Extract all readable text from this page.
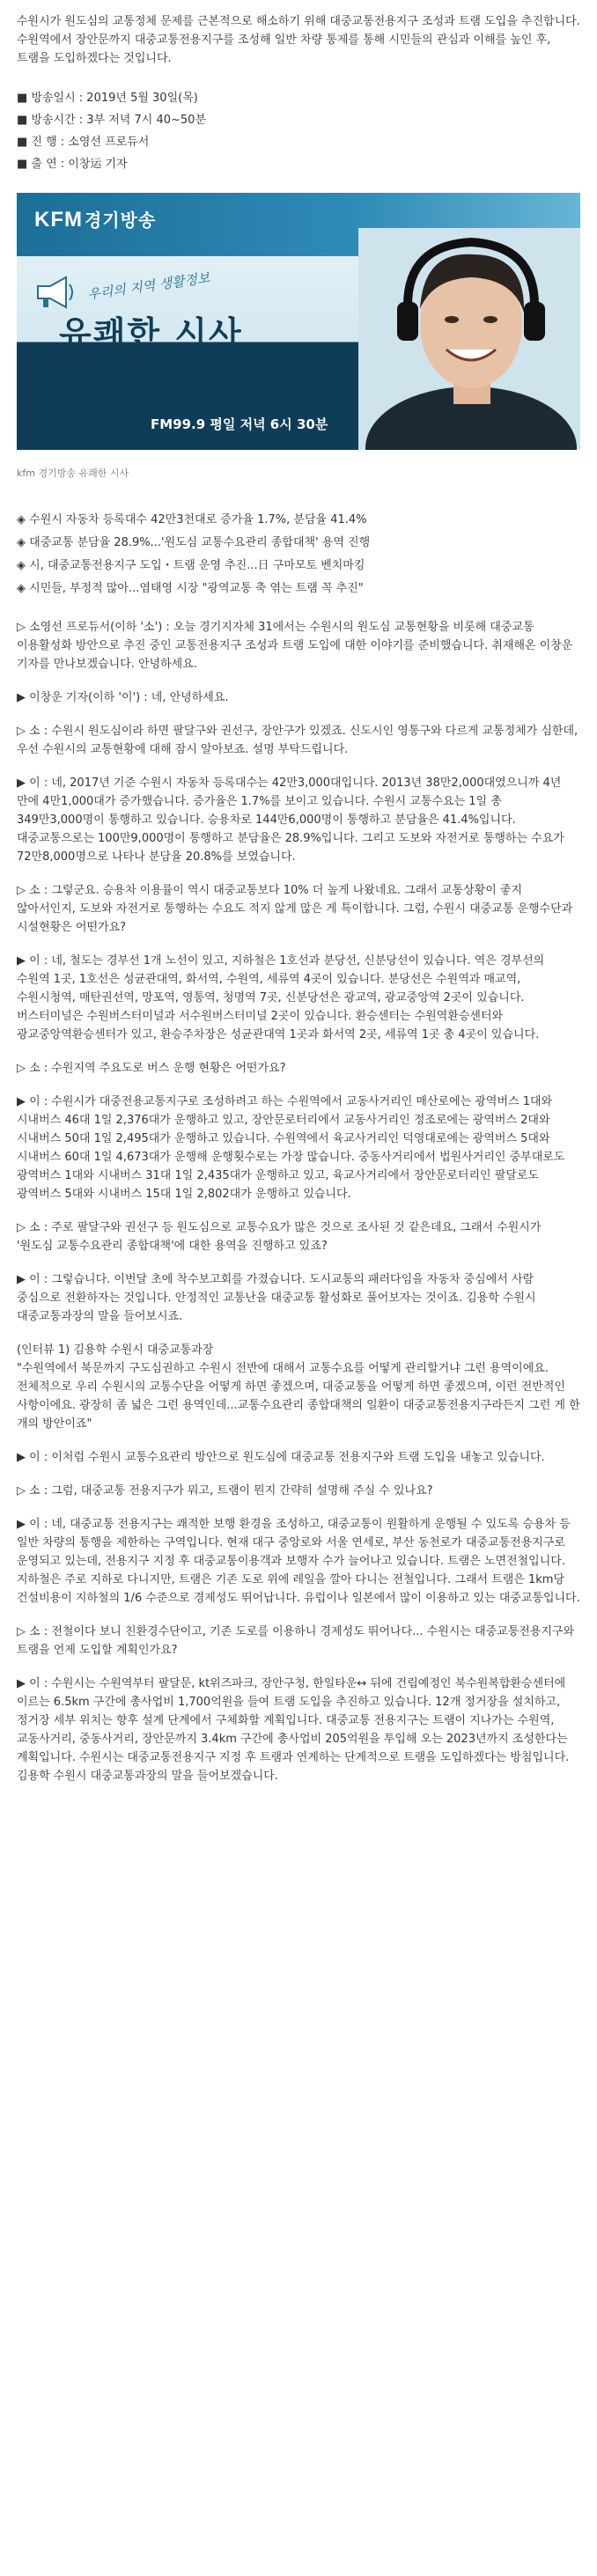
수원시가 원도심의 교통정체 문제를 근본적으로 해소하기 위해 대중교통전용지구 조성과 트램 도입을 추진합니다.수원역에서 장안문까지 대중교통전용지구를 조성해 일반 차량 통제를 통해 시민들의 관심과 이해를 높인 후, 트램을 도입하겠다는 것입니다.

■ 방송일시 : 2019년 5월 30일(목)
■ 방송시간 : 3부 저녁 7시 40~50분
■ 진 행 : 소영선 프로듀서
■ 출 연 : 이창运 기자
KFM 경기방송
우리의 지역 생활정보
유쾌한 시사
소영선 입니다.
FM99.9 평일 저녁 6시 30분
kfm 경기방송 유쾌한 시사
◈ 수원시 자동차 등록대수 42만3천대로 증가율 1.7%, 분담율 41.4%
◈ 대중교통 분담율 28.9%...'원도심 교통수요관리 종합대책' 용역 진행
◈ 시, 대중교통전용지구 도입・트램 운영 추진...日 구마모토 벤치마킹
◈ 시민들, 부정적 많아...염태영 시장 "광역교통 축 엮는 트램 꼭 추진"

▷ 소영선 프로듀서(이하 '소') : 오늘 경기지자체 31에서는 수원시의 원도심 교통현황을 비롯해 대중교통 이용활성화 방안으로 추진 중인 교통전용지구 조성과 트램 도입에 대한 이야기를 준비했습니다. 취재해온 이창운 기자를 만나보겠습니다. 안녕하세요.

▶ 이창운 기자(이하 '이') : 네, 안녕하세요.

▷ 소 : 수원시 원도심이라 하면 팔달구와 권선구, 장안구가 있겠죠. 신도시인 영통구와 다르게 교통정체가 심한데, 우선 수원시의 교통현황에 대해 잠시 알아보죠. 설명 부탁드립니다.

▶ 이 : 네, 2017년 기준 수원시 자동차 등록대수는 42만3,000대입니다. 2013년 38만2,000대였으니까 4년 만에 4만1,000대가 증가했습니다. 증가율은 1.7%를 보이고 있습니다. 수원시 교통수요는 1일 총 349만3,000명이 통행하고 있습니다. 승용차로 144만6,000명이 통행하고 분담율은 41.4%입니다. 대중교통으로는 100만9,000명이 통행하고 분담율은 28.9%입니다. 그리고 도보와 자전거로 통행하는 수요가 72만8,000명으로 나타나 분담율 20.8%를 보였습니다.

▷ 소 : 그렇군요. 승용차 이용률이 역시 대중교통보다 10% 더 높게 나왔네요. 그래서 교통상황이 좋지 않아서인지, 도보와 자전거로 통행하는 수요도 적지 않게 많은 게 특이합니다. 그럼, 수원시 대중교통 운행수단과 시설현황은 어떤가요?

▶ 이 : 네, 철도는 경부선 1개 노선이 있고, 지하철은 1호선과 분당선, 신분당선이 있습니다. 역은 경부선의 수원역 1곳, 1호선은 성균관대역, 화서역, 수원역, 세류역 4곳이 있습니다. 분당선은 수원역과 매교역, 수원시청역, 매탄권선역, 망포역, 영통역, 청명역 7곳, 신분당선은 광교역, 광교중앙역 2곳이 있습니다. 버스터미널은 수원버스터미널과 서수원버스터미널 2곳이 있습니다. 환승센터는 수원역환승센터와 광교중앙역환승센터가 있고, 환승주차장은 성균관대역 1곳과 화서역 2곳, 세류역 1곳 총 4곳이 있습니다.

▷ 소 : 수원지역 주요도로 버스 운행 현황은 어떤가요?

▶ 이 : 수원시가 대중전용교통지구로 조성하려고 하는 수원역에서 교동사거리인 매산로에는 광역버스 1대와 시내버스 46대 1일 2,376대가 운행하고 있고, 장안문로터리에서 교동사거리인 정조로에는 광역버스 2대와 시내버스 50대 1일 2,495대가 운행하고 있습니다. 수원역에서 육교사거리인 덕영대로에는 광역버스 5대와 시내버스 60대 1일 4,673대가 운행해 운행횟수로는 가장 많습니다. 중동사거리에서 법원사거리인 중부대로도 광역버스 1대와 시내버스 31대 1일 2,435대가 운행하고 있고, 육교사거리에서 장안문로터리인 팔달로도 광역버스 5대와 시내버스 15대 1일 2,802대가 운행하고 있습니다.

▷ 소 : 주로 팔달구와 권선구 등 원도심으로 교통수요가 많은 것으로 조사된 것 같은데요, 그래서 수원시가 '원도심 교통수요관리 종합대책'에 대한 용역을 진행하고 있죠?

▶ 이 : 그렇습니다. 이번달 초에 착수보고회를 가졌습니다. 도시교통의 패러다임을 자동차 중심에서 사람 중심으로 전환하자는 것입니다. 안정적인 교통난을 대중교통 활성화로 풀어보자는 것이죠. 김용학 수원시 대중교통과장의 말을 들어보시죠.

(인터뷰 1) 김용학 수원시 대중교통과장

"수원역에서 북문까지 구도심권하고 수원시 전반에 대해서 교통수요를 어떻게 관리할거냐 그런 용역이에요. 전체적으로 우리 수원시의 교통수단을 어떻게 하면 좋겠으며, 대중교통을 어떻게 하면 좋겠으며, 이런 전반적인 사항이에요. 광장히 좀 넓은 그런 용역인데...교통수요관리 종합대책의 일환이 대중교통전용지구라든지 그런 게 한 개의 방안이죠"

▶ 이 : 이처럼 수원시 교통수요관리 방안으로 원도심에 대중교통 전용지구와 트램 도입을 내놓고 있습니다.

▷ 소 : 그럼, 대중교통 전용지구가 뭐고, 트램이 뭔지 간략히 설명해 주실 수 있나요?

▶ 이 : 네, 대중교통 전용지구는 쾌적한 보행 환경을 조성하고, 대중교통이 원활하게 운행될 수 있도록 승용차 등 일반 차량의 통행을 제한하는 구역입니다. 현재 대구 중앙로와 서울 연세로, 부산 동천로가 대중교통전용지구로 운영되고 있는데, 전용지구 지정 후 대중교통이용객과 보행자 수가 늘어나고 있습니다. 트램은 노면전철입니다. 지하철은 주로 지하로 다니지만, 트램은 기존 도로 위에 레일을 깔아 다니는 전철입니다. 그래서 트램은 1km당 건설비용이 지하철의 1/6 수준으로 경제성도 뛰어납니다. 유럽이나 일본에서 많이 이용하고 있는 대중교통입니다.

▷ 소 : 전철이다 보니 친환경수단이고, 기존 도로를 이용하니 경제성도 뛰어나다... 수원시는 대중교통전용지구와 트램을 언제 도입할 계획인가요?

▶ 이 : 수원시는 수원역부터 팔달문, kt위즈파크, 장안구청, 한일타운↔ 뒤에 건립예정인 북수원복합환승센터에 이르는 6.5km 구간에 총사업비 1,700억원을 들여 트램 도입을 추진하고 있습니다. 12개 정거장을 설치하고, 정거장 세부 위치는 향후 설계 단계에서 구체화할 계획입니다. 대중교통 전용지구는 트램이 지나가는 수원역, 교동사거리, 중동사거리, 장안문까지 3.4km 구간에 총사업비 205억원을 투입해 오는 2023년까지 조성한다는 계획입니다. 수원시는 대중교통전용지구 지정 후 트램과 연계하는 단계적으로 트램을 도입하겠다는 방침입니다. 김용학 수원시 대중교통과장의 말을 들어보겠습니다.
